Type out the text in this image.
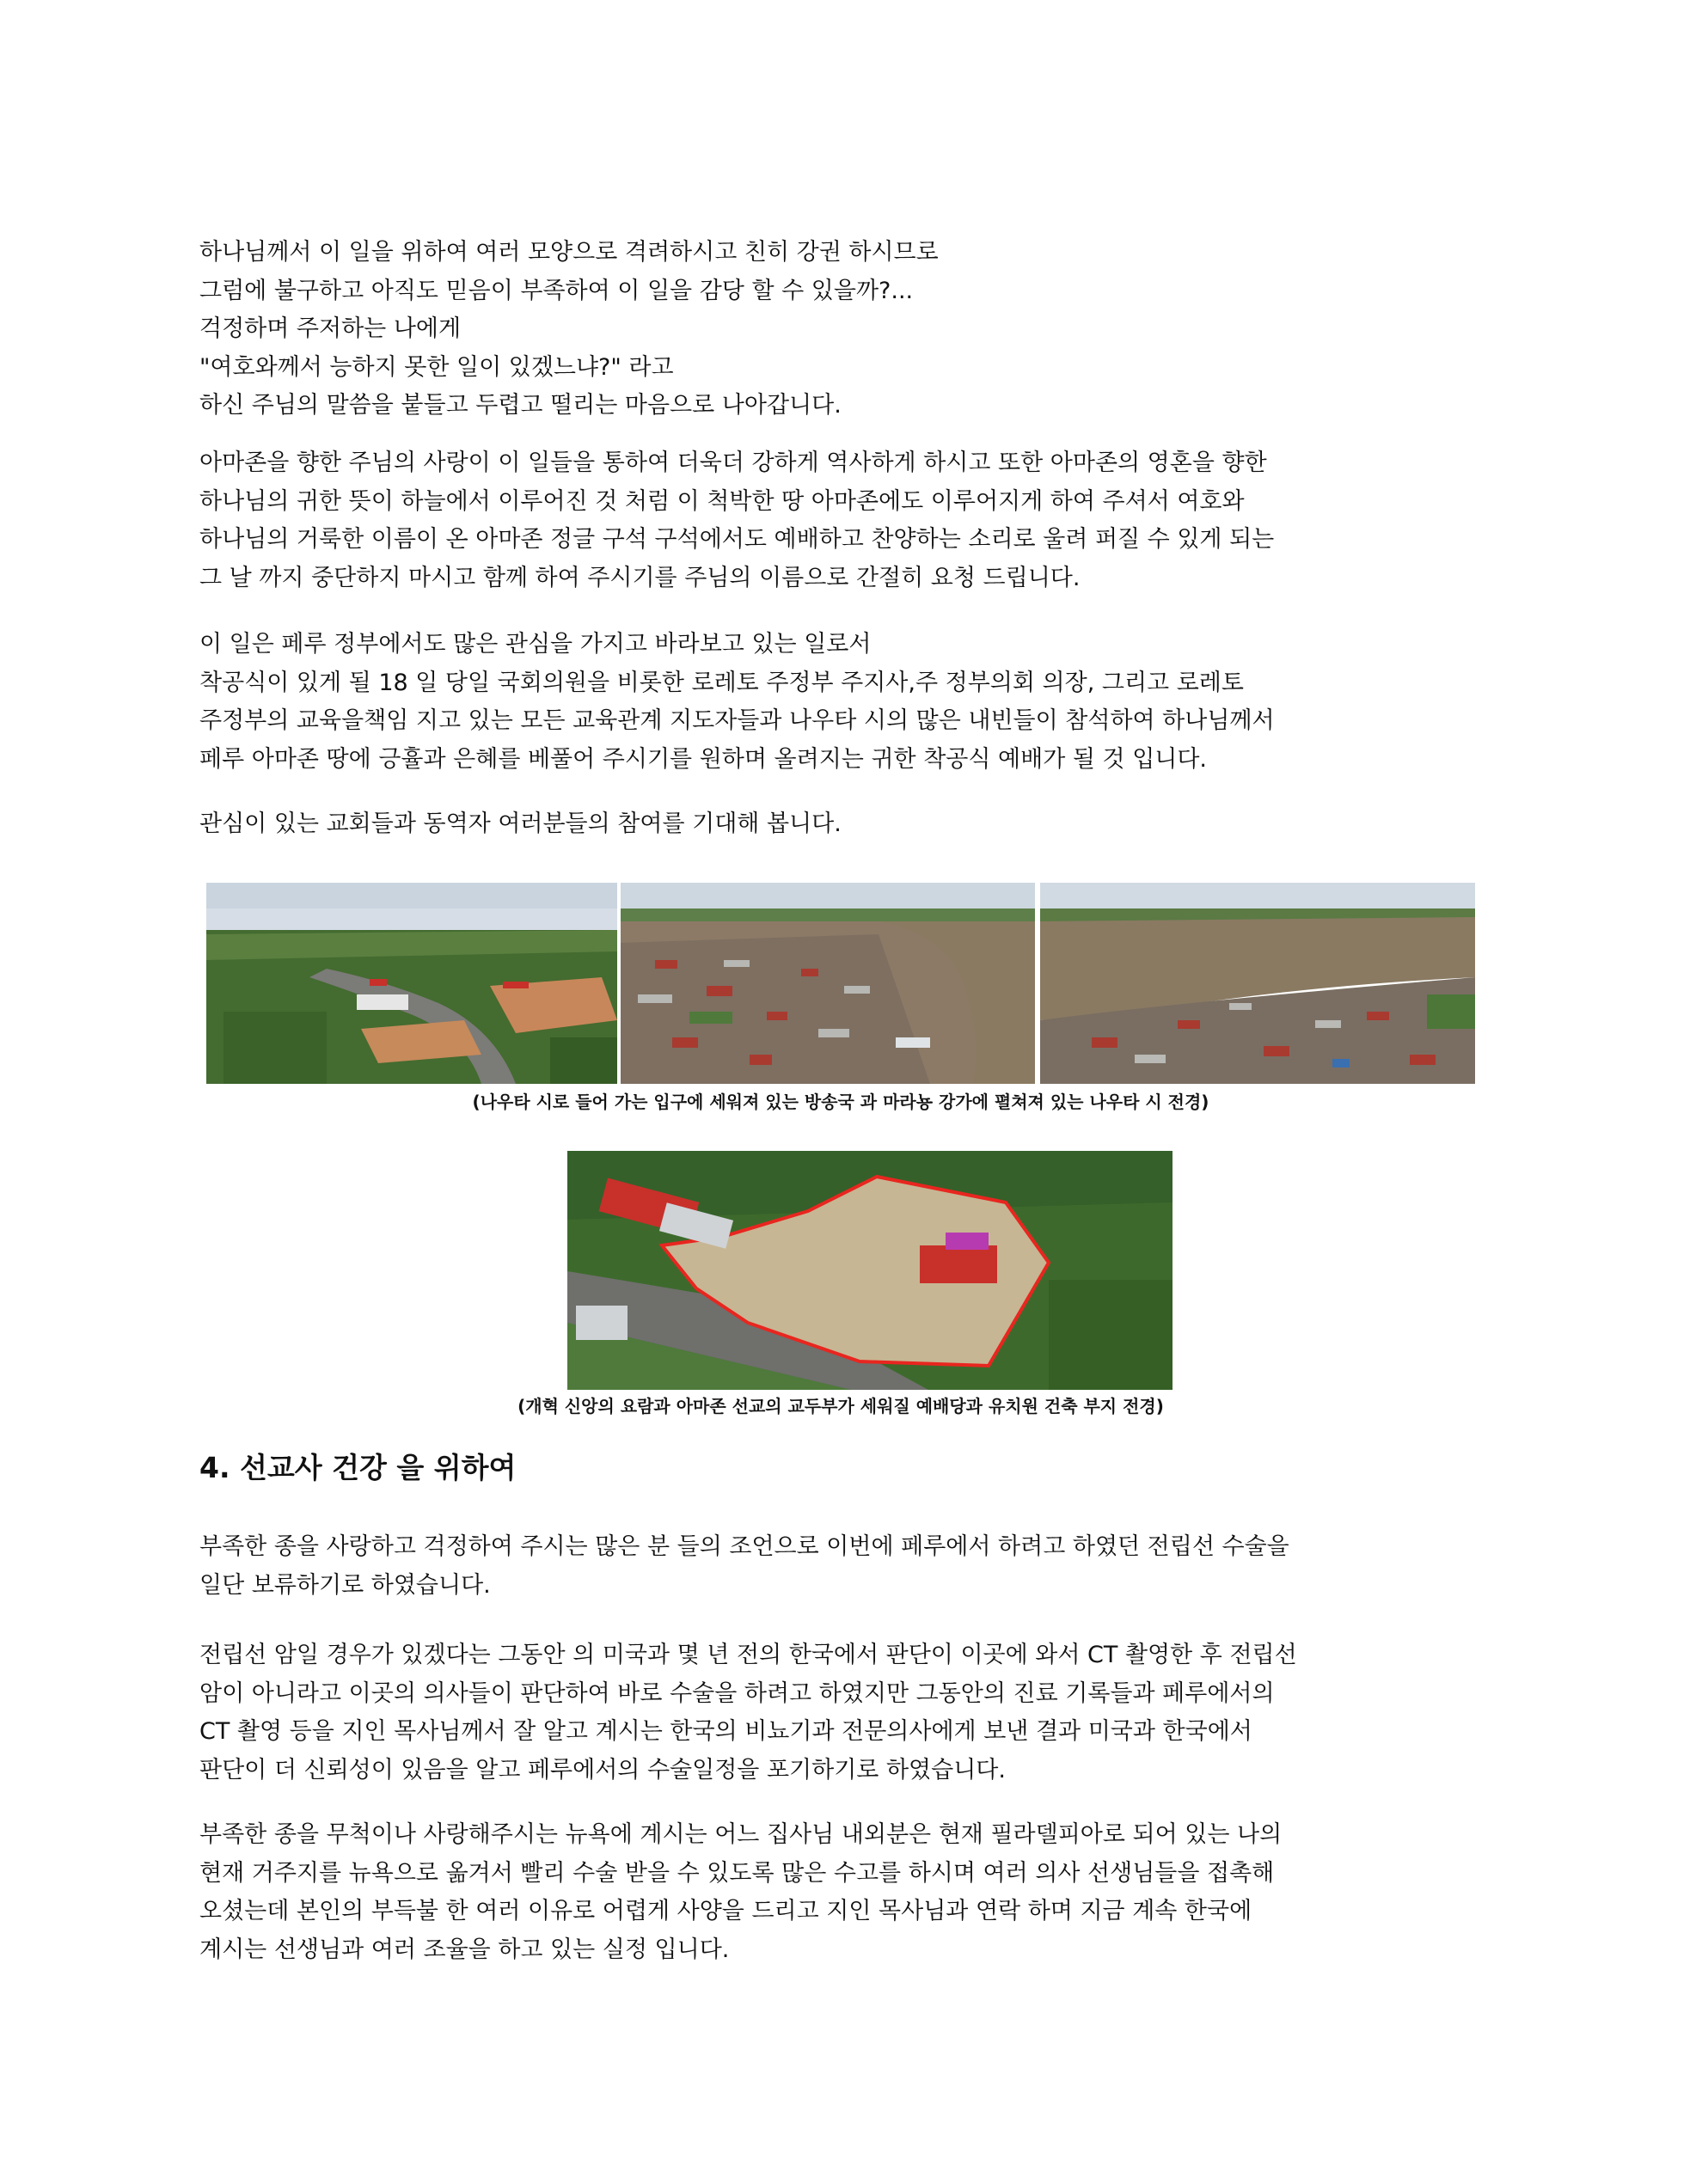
하나님께서 이 일을 위하여 여러 모양으로 격려하시고 친히 강권 하시므로
그럼에 불구하고 아직도 믿음이 부족하여 이 일을 감당 할 수 있을까?...
걱정하며 주저하는 나에게
"여호와께서 능하지 못한 일이 있겠느냐?" 라고
하신 주님의 말씀을 붙들고 두렵고 떨리는 마음으로 나아갑니다.
아마존을 향한 주님의 사랑이 이 일들을 통하여 더욱더 강하게 역사하게 하시고 또한 아마존의 영혼을 향한
하나님의 귀한 뜻이 하늘에서 이루어진 것 처럼 이 척박한 땅 아마존에도 이루어지게 하여 주셔서 여호와
하나님의 거룩한 이름이 온 아마존 정글 구석 구석에서도 예배하고 찬양하는 소리로 울려 퍼질 수 있게 되는
그 날 까지 중단하지 마시고 함께 하여 주시기를 주님의 이름으로 간절히 요청 드립니다.
이 일은 페루 정부에서도 많은 관심을 가지고 바라보고 있는 일로서
착공식이 있게 될 18 일 당일 국회의원을 비롯한 로레토 주정부 주지사,주 정부의회 의장, 그리고 로레토
주정부의 교육을책임 지고 있는 모든 교육관계 지도자들과 나우타 시의 많은 내빈들이 참석하여 하나님께서
페루 아마존 땅에 긍휼과 은혜를 베풀어 주시기를 원하며 올려지는 귀한 착공식 예배가 될 것 입니다.
관심이 있는 교회들과 동역자 여러분들의 참여를 기대해 봅니다.
(나우타 시로 들어 가는 입구에 세워져 있는 방송국 과 마라뇽 강가에 펼쳐져 있는 나우타 시 전경)
(개혁 신앙의 요람과 아마존 선교의 교두부가 세워질 예배당과 유치원 건축 부지 전경)
4. 선교사 건강 을 위하여
부족한 종을 사랑하고 걱정하여 주시는 많은 분 들의 조언으로 이번에 페루에서 하려고 하였던 전립선 수술을
일단 보류하기로 하였습니다.
전립선 암일 경우가 있겠다는 그동안 의 미국과 몇 년 전의 한국에서 판단이 이곳에 와서 CT 촬영한 후 전립선
암이 아니라고 이곳의 의사들이 판단하여 바로 수술을 하려고 하였지만 그동안의 진료 기록들과 페루에서의
CT 촬영 등을 지인 목사님께서 잘 알고 계시는 한국의 비뇨기과 전문의사에게 보낸 결과 미국과 한국에서
판단이 더 신뢰성이 있음을 알고 페루에서의 수술일정을 포기하기로 하였습니다.
부족한 종을 무척이나 사랑해주시는 뉴욕에 계시는 어느 집사님 내외분은 현재 필라델피아로 되어 있는 나의
현재 거주지를 뉴욕으로 옮겨서 빨리 수술 받을 수 있도록 많은 수고를 하시며 여러 의사 선생님들을 접촉해
오셨는데 본인의 부득불 한 여러 이유로 어렵게 사양을 드리고 지인 목사님과 연락 하며 지금 계속 한국에
계시는 선생님과 여러 조율을 하고 있는 실정 입니다.
